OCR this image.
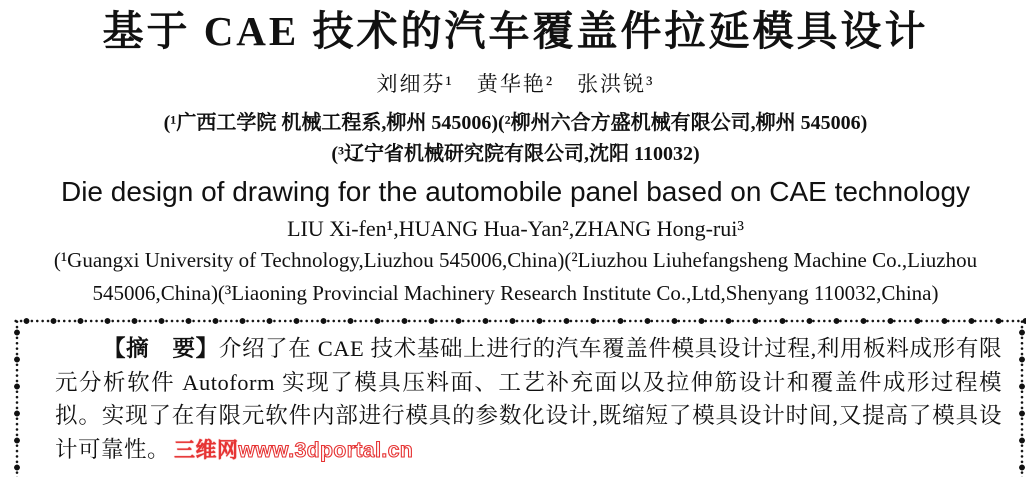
基于 CAE 技术的汽车覆盖件拉延模具设计
刘细芬¹　黄华艳²　张洪锐³
(¹广西工学院 机械工程系,柳州 545006)(²柳州六合方盛机械有限公司,柳州 545006)
(³辽宁省机械研究院有限公司,沈阳 110032)
Die design of drawing for the automobile panel based on CAE technology
LIU Xi-fen¹,HUANG Hua-Yan²,ZHANG Hong-rui³
(¹Guangxi University of Technology,Liuzhou 545006,China)(²Liuzhou Liuhefangsheng Machine Co.,Liuzhou
545006,China)(³Liaoning Provincial Machinery Research Institute Co.,Ltd,Shenyang 110032,China)

【摘　要】介绍了在 CAE 技术基础上进行的汽车覆盖件模具设计过程,利用板料成形有限元分析软件 Autoform 实现了模具压料面、工艺补充面以及拉伸筋设计和覆盖件成形过程模拟。实现了在有限元软件内部进行模具的参数化设计,既缩短了模具设计时间,又提高了模具设计可靠性。 三维网www.3dportal.cn
